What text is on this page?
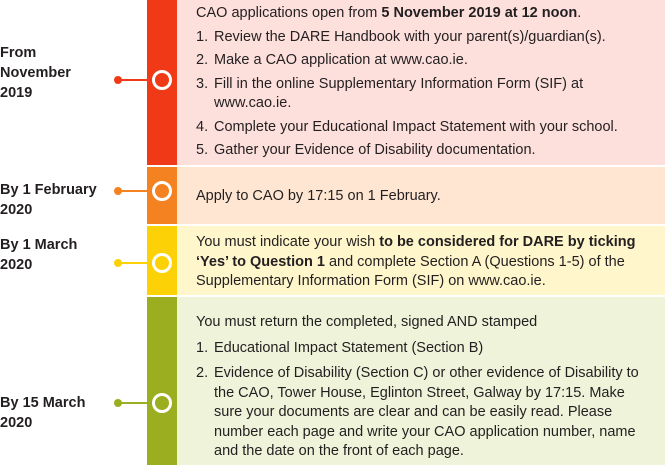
From
November
2019
CAO applications open from 5 November 2019 at 12 noon.
1. Review the DARE Handbook with your parent(s)/guardian(s).
2. Make a CAO application at www.cao.ie.
3. Fill in the online Supplementary Information Form (SIF) at www.cao.ie.
4. Complete your Educational Impact Statement with your school.
5. Gather your Evidence of Disability documentation.
By 1 February
2020
Apply to CAO by 17:15 on 1 February.
By 1 March
2020
You must indicate your wish to be considered for DARE by ticking ‘Yes’ to Question 1 and complete Section A (Questions 1-5) of the Supplementary Information Form (SIF) on www.cao.ie.
By 15 March
2020
You must return the completed, signed AND stamped
1. Educational Impact Statement (Section B)
2. Evidence of Disability (Section C) or other evidence of Disability to the CAO, Tower House, Eglinton Street, Galway by 17:15. Make sure your documents are clear and can be easily read. Please number each page and write your CAO application number, name and the date on the front of each page.
